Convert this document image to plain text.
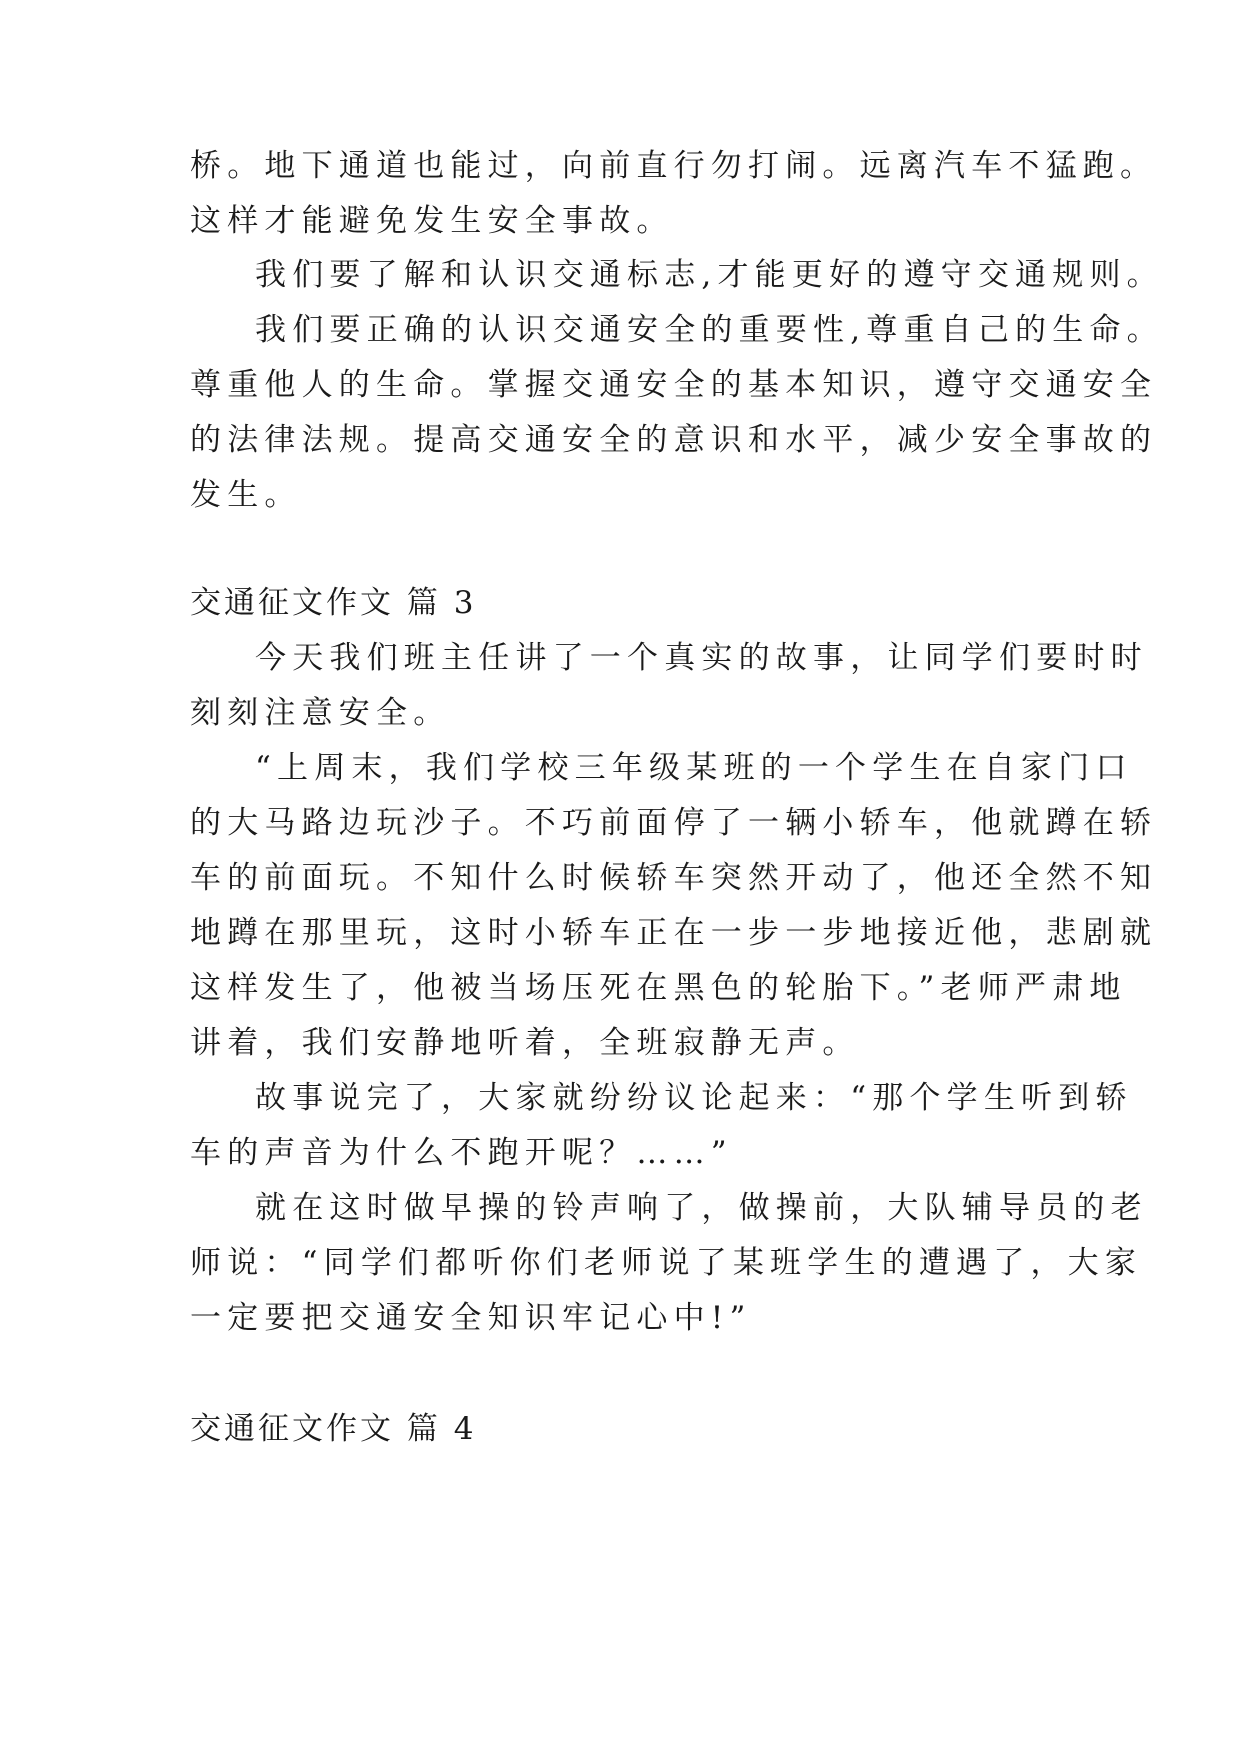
桥。地下通道也能过，向前直行勿打闹。远离汽车不猛跑。
这样才能避免发生安全事故。
我们要了解和认识交通标志,才能更好的遵守交通规则。
我们要正确的认识交通安全的重要性,尊重自己的生命。
尊重他人的生命。掌握交通安全的基本知识，遵守交通安全
的法律法规。提高交通安全的意识和水平，减少安全事故的
发生。
交通征文作文 篇 3
今天我们班主任讲了一个真实的故事，让同学们要时时
刻刻注意安全。
“上周末，我们学校三年级某班的一个学生在自家门口
的大马路边玩沙子。不巧前面停了一辆小轿车，他就蹲在轿
车的前面玩。不知什么时候轿车突然开动了，他还全然不知
地蹲在那里玩，这时小轿车正在一步一步地接近他，悲剧就
这样发生了，他被当场压死在黑色的轮胎下。”老师严肃地
讲着，我们安静地听着，全班寂静无声。
故事说完了，大家就纷纷议论起来：“那个学生听到轿
车的声音为什么不跑开呢？……”
就在这时做早操的铃声响了，做操前，大队辅导员的老
师说：“同学们都听你们老师说了某班学生的遭遇了，大家
一定要把交通安全知识牢记心中!”
交通征文作文 篇 4
